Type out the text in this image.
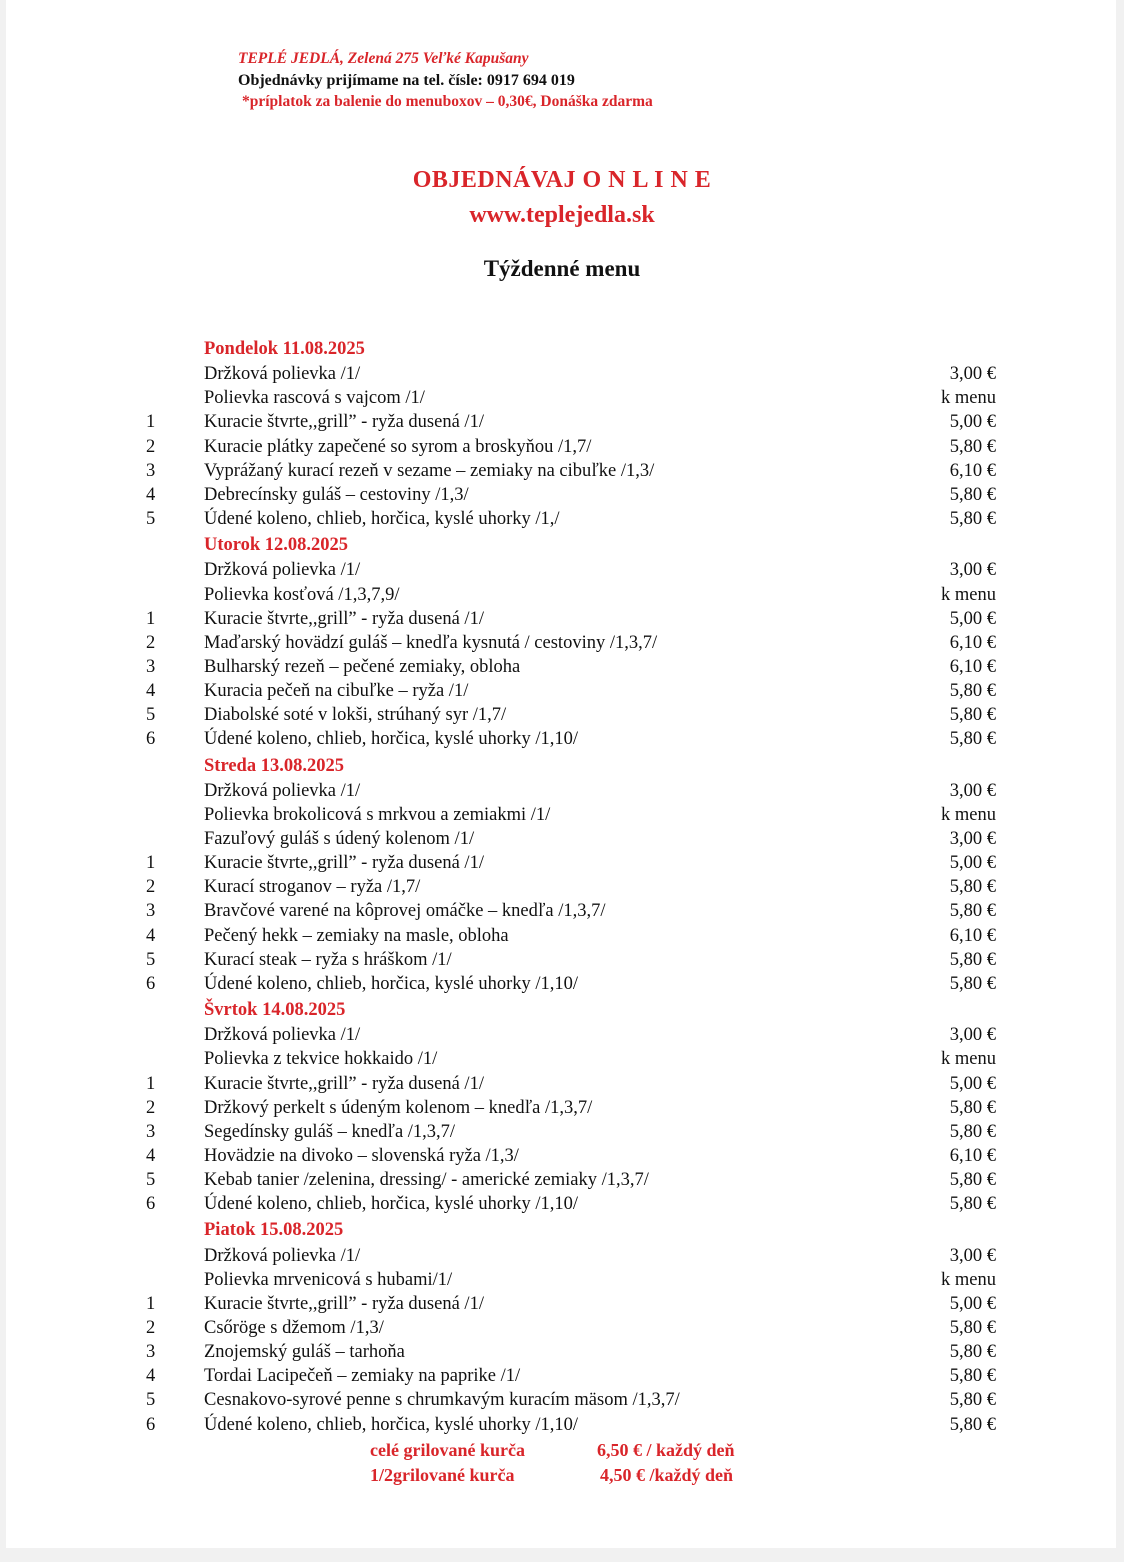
TEPLÉ JEDLÁ, Zelená 275 Veľké Kapušany
Objednávky prijímame na tel. čísle: 0917 694 019
*príplatok za balenie do menuboxov – 0,30€, Donáška zdarma
OBJEDNÁVAJ O N L I N E
www.teplejedla.sk
Týždenné menu
Pondelok 11.08.2025
Držková polievka /1/	3,00 €
Polievka rascová s vajcom /1/	k menu
1	Kuracie štvrte,,grill” - ryža dusená /1/	5,00 €
2	Kuracie plátky zapečené so syrom a broskyňou /1,7/	5,80 €
3	Vyprážaný kurací rezeň v sezame – zemiaky na cibuľke /1,3/	6,10 €
4	Debrecínsky guláš – cestoviny /1,3/	5,80 €
5	Údené koleno, chlieb, horčica, kyslé uhorky /1,/	5,80 €
Utorok 12.08.2025
Držková polievka /1/	3,00 €
Polievka kosťová /1,3,7,9/	k menu
1	Kuracie štvrte,,grill” - ryža dusená /1/	5,00 €
2	Maďarský hovädzí guláš – knedľa kysnutá / cestoviny /1,3,7/	6,10 €
3	Bulharský rezeň – pečené zemiaky, obloha	6,10 €
4	Kuracia pečeň na cibuľke – ryža /1/	5,80 €
5	Diabolské soté v lokši, strúhaný syr /1,7/	5,80 €
6	Údené koleno, chlieb, horčica, kyslé uhorky /1,10/	5,80 €
Streda 13.08.2025
Držková polievka /1/	3,00 €
Polievka brokolicová s mrkvou a zemiakmi /1/	k menu
Fazuľový guláš s údený kolenom /1/	3,00 €
1	Kuracie štvrte,,grill” - ryža dusená /1/	5,00 €
2	Kurací stroganov – ryža /1,7/	5,80 €
3	Bravčové varené na kôprovej omáčke – knedľa /1,3,7/	5,80 €
4	Pečený hekk – zemiaky na masle, obloha	6,10 €
5	Kurací steak – ryža s hráškom /1/	5,80 €
6	Údené koleno, chlieb, horčica, kyslé uhorky /1,10/	5,80 €
Švrtok 14.08.2025
Držková polievka /1/	3,00 €
Polievka z tekvice hokkaido /1/	k menu
1	Kuracie štvrte,,grill” - ryža dusená /1/	5,00 €
2	Držkový perkelt s údeným kolenom – knedľa /1,3,7/	5,80 €
3	Segedínsky guláš – knedľa /1,3,7/	5,80 €
4	Hovädzie na divoko – slovenská ryža /1,3/	6,10 €
5	Kebab tanier /zelenina, dressing/ - americké zemiaky /1,3,7/	5,80 €
6	Údené koleno, chlieb, horčica, kyslé uhorky /1,10/	5,80 €
Piatok 15.08.2025
Držková polievka /1/	3,00 €
Polievka mrvenicová s hubami/1/	k menu
1	Kuracie štvrte,,grill” - ryža dusená /1/	5,00 €
2	Csőröge s džemom /1,3/	5,80 €
3	Znojemský guláš – tarhoňa	5,80 €
4	Tordai Lacipečeň – zemiaky na paprike /1/	5,80 €
5	Cesnakovo-syrové penne s chrumkavým kuracím mäsom /1,3,7/	5,80 €
6	Údené koleno, chlieb, horčica, kyslé uhorky /1,10/	5,80 €
celé grilované kurča	6,50 € / každý deň
1/2grilované kurča	4,50 € /každý deň
